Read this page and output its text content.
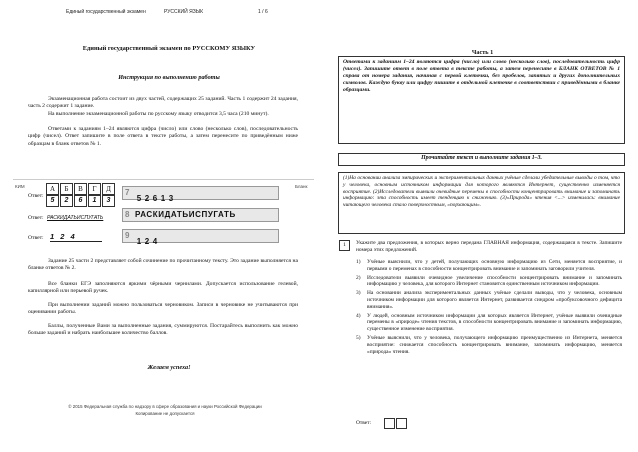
Единый государственный экзамен	РУССКИЙ ЯЗЫК	1 / 6
Единый государственный экзамен по РУССКОМУ ЯЗЫКУ
Инструкция по выполнению работы
Экзаменационная работа состоит из двух частей, содержащих 25 заданий. Часть 1 содержит 24 задания, часть 2 содержит 1 задание.
На выполнение экзаменационной работы по русскому языку отводится 3,5 часа (210 минут).
Ответами к заданиям 1–24 являются цифра (число) или слово (несколько слов), последовательность цифр (чисел). Ответ запишите в поле ответа в тексте работы, а затем перенесите по приведённым ниже образцам в бланк ответов № 1.
КИМ	Бланк
А Б В Г Д
5 2 6 1 3
Ответ:	7
5 2 6 1 3
Ответ: РАСКИДАТЬИСПУГАТЬ	8 РАСКИДАТЬИСПУГАТЬ
Ответ: 1 2 4	9
1 2 4
Задание 25 части 2 представляет собой сочинение по прочитанному тексту. Это задание выполняется на бланке ответов № 2.
Все бланки ЕГЭ заполняются яркими чёрными чернилами. Допускается использование гелевой, капиллярной или перьевой ручек.
При выполнении заданий можно пользоваться черновиком. Записи в черновике не учитываются при оценивании работы.
Баллы, полученные Вами за выполненные задания, суммируются. Постарайтесь выполнить как можно больше заданий и набрать наибольшее количество баллов.
Желаем успеха!
© 2015 Федеральная служба по надзору в сфере образования и науки Российской Федерации
Копирование не допускается
Часть 1
Ответами к заданиям 1–24 являются цифра (число) или слово (несколько слов), последовательность цифр (чисел). Запишите ответ в поле ответа в тексте работы, а затем перенесите в БЛАНК ОТВЕТОВ № 1 справа от номера задания, начиная с первой клеточки, без пробелов, запятых и других дополнительных символов. Каждую букву или цифру пишите в отдельной клеточке в соответствии с приведёнными в бланке образцами.
Прочитайте текст и выполните задания 1–3.
(1)На основании анализа эмпирических и экспериментальных данных учёные сделали убедительные выводы о том, что у человека, основным источником информации для которого являются Интернет, существенно изменяется восприятие. (2)Исследователи выявили очевидные перемены в способности концентрировать внимание и запоминать информацию: эта способность имеет тенденцию к снижению. (3)«Природа» чтения <...> изменилась: внимание читающего человека стало поверхностным, «порхающим».
1	Укажите два предложения, в которых верно передана ГЛАВНАЯ информация, содержащаяся в тексте. Запишите номера этих предложений.
1) Учёные выяснили, что у детей, получающих основную информацию из Сети, меняется восприятие, и первыми о переменах в способности концентрировать внимание и запоминать заговорили учителя.
2) Исследователи выявили очевидное увеличение способности концентрировать внимание и запоминать информацию у человека, для которого Интернет становится единственным источником информации.
3) На основании анализа экспериментальных данных учёные сделали выводы, что у человека, основным источником информации для которого является Интернет, развивается синдром «пробуксовочного дефицита внимания».
4) У людей, основным источником информации для которых является Интернет, учёные выявили очевидные перемены в «природе» чтения текстов, в способности концентрировать внимание и запоминать информацию, существенное изменение восприятия.
5) Учёные выяснили, что у человека, получающего информацию преимущественно из Интернета, меняется восприятие: снижается способность концентрировать внимание, запоминать информацию, меняется «природа» чтения.
Ответ:
